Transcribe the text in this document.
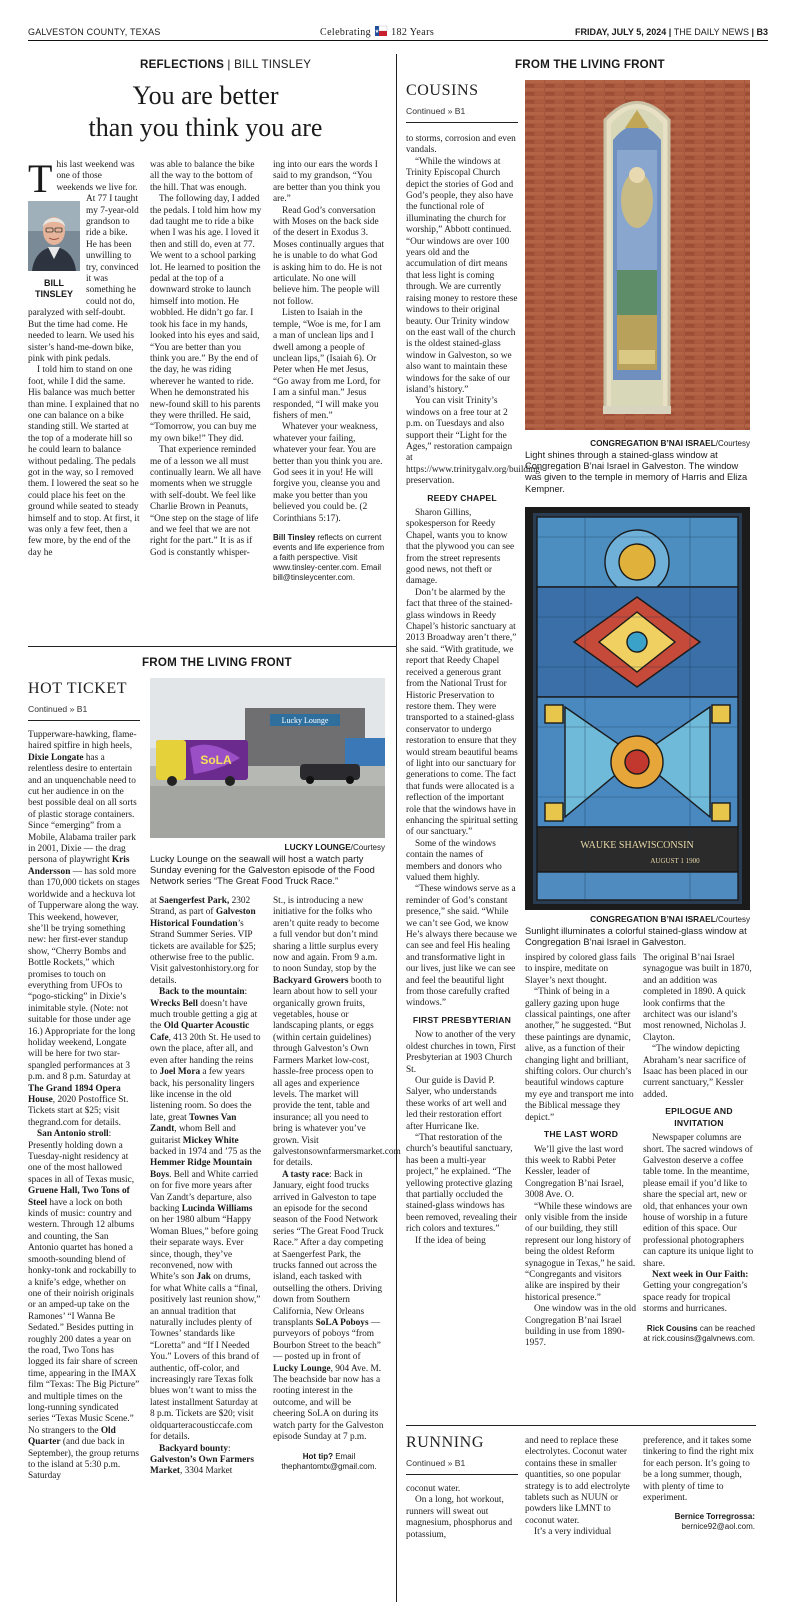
GALVESTON COUNTY, TEXAS	Celebrating 182 Years	FRIDAY, JULY 5, 2024 | THE DAILY NEWS | B3
REFLECTIONS | BILL TINSLEY
You are better
than you think you are
T
BILL
TINSLEY

his last weekend was one of those weekends we live for. At 77 I taught my 7-year-old grandson to ride a bike. He has been unwilling to try, convinced it was something he could not do, paralyzed with self-doubt. But the time had come. He needed to learn. We used his sister’s hand-me-down bike, pink with pink pedals.

I told him to stand on one foot, while I did the same. His balance was much better than mine. I explained that no one can balance on a bike standing still. We started at the top of a moderate hill so he could learn to balance without pedaling. The pedals got in the way, so I removed them. I lowered the seat so he could place his feet on the ground while seated to steady himself and to stop. At first, it was only a few feet, then a few more, by the end of the day he

was able to balance the bike all the way to the bottom of the hill. That was enough.

The following day, I added the pedals. I told him how my dad taught me to ride a bike when I was his age. I loved it then and still do, even at 77. We went to a school parking lot. He learned to position the pedal at the top of a downward stroke to launch himself into motion. He wobbled. He didn’t go far. I took his face in my hands, looked into his eyes and said, “You are better than you think you are.” By the end of the day, he was riding wherever he wanted to ride. When he demonstrated his new-found skill to his parents they were thrilled. He said, “Tomorrow, you can buy me my own bike!” They did.

That experience reminded me of a lesson we all must continually learn. We all have moments when we struggle with self-doubt. We feel like Charlie Brown in Peanuts, “One step on the stage of life and we feel that we are not right for the part.” It is as if God is constantly whisper-

ing into our ears the words I said to my grandson, “You are better than you think you are.”

Read God’s conversation with Moses on the back side of the desert in Exodus 3. Moses continually argues that he is unable to do what God is asking him to do. He is not articulate. No one will believe him. The people will not follow.

Listen to Isaiah in the temple, “Woe is me, for I am a man of unclean lips and I dwell among a people of unclean lips,” (Isaiah 6). Or Peter when He met Jesus, “Go away from me Lord, for I am a sinful man.” Jesus responded, “I will make you fishers of men.”

Whatever your weakness, whatever your failing, whatever your fear. You are better than you think you are. God sees it in you! He will forgive you, cleanse you and make you better than you believed you could be. (2 Corinthians 5:17).

Bill Tinsley reflects on current events and life experience from a faith perspective. Visit www.tinsley-center.com. Email bill@tinsleycenter.com.
COUSINS
Continued » B1

to storms, corrosion and even vandals.

“While the windows at Trinity Episcopal Church depict the stories of God and God’s people, they also have the functional role of illuminating the church for worship,” Abbott continued. “Our windows are over 100 years old and the accumulation of dirt means that less light is coming through. We are currently raising money to restore these windows to their original beauty. Our Trinity window on the east wall of the church is the oldest stained-glass window in Galveston, so we also want to maintain these windows for the sake of our island’s history.”

You can visit Trinity’s windows on a free tour at 2 p.m. on Tuesdays and also support their “Light for the Ages,” restoration campaign at https://www.trinitygalv.org/building-preservation.

REEDY CHAPEL

Sharon Gillins, spokesperson for Reedy Chapel, wants you to know that the plywood you can see from the street represents good news, not theft or damage.

Don’t be alarmed by the fact that three of the stained-glass windows in Reedy Chapel’s historic sanctuary at 2013 Broadway aren’t there,” she said. “With gratitude, we report that Reedy Chapel received a generous grant from the National Trust for Historic Preservation to restore them. They were transported to a stained-glass conservator to undergo restoration to ensure that they would stream beautiful beams of light into our sanctuary for generations to come. The fact that funds were allocated is a reflection of the important role that the windows have in enhancing the spiritual setting of our sanctuary.”

Some of the windows contain the names of members and donors who valued them highly.

“These windows serve as a reminder of God’s constant presence,” she said. “While we can’t see God, we know He’s always there because we can see and feel His healing and transformative light in our lives, just like we can see and feel the beautiful light from those carefully crafted windows.”

FIRST PRESBYTERIAN

Now to another of the very oldest churches in town, First Presbyterian at 1903 Church St.

Our guide is David P. Salyer, who understands these works of art well and led their restoration effort after Hurricane Ike.

“That restoration of the church’s beautiful sanctuary, has been a multi-year project,” he explained. “The yellowing protective glazing that partially occluded the stained-glass windows has been removed, revealing their rich colors and textures.”

If the idea of being

FROM THE LIVING FRONT
CONGREGATION B’NAI ISRAEL/Courtesy
Light shines through a stained-glass window at Congregation B’nai Israel in Galveston. The window was given to the temple in memory of Harris and Eliza Kempner.
WAUKE SHAWISCONSIN
AUGUST 1 1900
CONGREGATION B’NAI ISRAEL/Courtesy
Sunlight illuminates a colorful stained-glass window at Congregation B’nai Israel in Galveston.

inspired by colored glass fails to inspire, meditate on Slayer’s next thought.

“Think of being in a gallery gazing upon huge classical paintings, one after another,” he suggested. “But these paintings are dynamic, alive, as a function of their changing light and brilliant, shifting colors. Our church’s beautiful windows capture my eye and transport me into the Biblical message they depict.”

THE LAST WORD

We’ll give the last word this week to Rabbi Peter Kessler, leader of Congregation B’nai Israel, 3008 Ave. O.

“While these windows are only visible from the inside of our building, they still represent our long history of being the oldest Reform synagogue in Texas,” he said. “Congregants and visitors alike are inspired by their historical presence.”

One window was in the old Congregation B’nai Israel building in use from 1890-1957.

The original B’nai Israel synagogue was built in 1870, and an addition was completed in 1890. A quick look confirms that the architect was our island’s most renowned, Nicholas J. Clayton.

“The window depicting Abraham’s near sacrifice of Isaac has been placed in our current sanctuary,” Kessler added.

EPILOGUE AND INVITATION

Newspaper columns are short. The sacred windows of Galveston deserve a coffee table tome. In the meantime, please email if you’d like to share the special art, new or old, that enhances your own house of worship in a future edition of this space. Our professional photographers can capture its unique light to share.

Next week in Our Faith: Getting your congregation’s space ready for tropical storms and hurricanes.

Rick Cousins can be reached at rick.cousins@galvnews.com.
FROM THE LIVING FRONT
HOT TICKET
Continued » B1
Lucky Lounge
SoLA
LUCKY LOUNGE/Courtesy
Lucky Lounge on the seawall will host a watch party Sunday evening for the Galveston episode of the Food Network series “The Great Food Truck Race.”

Tupperware-hawking, flame-haired spitfire in high heels, Dixie Longate has a relentless desire to entertain and an unquenchable need to cut her audience in on the best possible deal on all sorts of plastic storage containers. Since “emerging” from a Mobile, Alabama trailer park in 2001, Dixie — the drag persona of playwright Kris Andersson — has sold more than 170,000 tickets on stages worldwide and a heckuva lot of Tupperware along the way. This weekend, however, she’ll be trying something new: her first-ever standup show, “Cherry Bombs and Bottle Rockets,” which promises to touch on everything from UFOs to “pogo-sticking” in Dixie’s inimitable style. (Note: not suitable for those under age 16.) Appropriate for the long holiday weekend, Longate will be here for two star-spangled performances at 3 p.m. and 8 p.m. Saturday at The Grand 1894 Opera House, 2020 Postoffice St. Tickets start at $25; visit thegrand.com for details.

San Antonio stroll: Presently holding down a Tuesday-night residency at one of the most hallowed spaces in all of Texas music, Gruene Hall, Two Tons of Steel have a lock on both kinds of music: country and western. Through 12 albums and counting, the San Antonio quartet has honed a smooth-sounding blend of honky-tonk and rockabilly to a knife’s edge, whether on one of their noirish originals or an amped-up take on the Ramones’ “I Wanna Be Sedated.” Besides putting in roughly 200 dates a year on the road, Two Tons has logged its fair share of screen time, appearing in the IMAX film “Texas: The Big Picture” and multiple times on the long-running syndicated series “Texas Music Scene.” No strangers to the Old Quarter (and due back in September), the group returns to the island at 5:30 p.m. Saturday

at Saengerfest Park, 2302 Strand, as part of Galveston Historical Foundation’s Strand Summer Series. VIP tickets are available for $25; otherwise free to the public. Visit galvestonhistory.org for details.

Back to the mountain: Wrecks Bell doesn’t have much trouble getting a gig at the Old Quarter Acoustic Cafe, 413 20th St. He used to own the place, after all, and even after handing the reins to Joel Mora a few years back, his personality lingers like incense in the old listening room. So does the late, great Townes Van Zandt, whom Bell and guitarist Mickey White backed in 1974 and ’75 as the Hemmer Ridge Mountain Boys. Bell and White carried on for five more years after Van Zandt’s departure, also backing Lucinda Williams on her 1980 album “Happy Woman Blues,” before going their separate ways. Ever since, though, they’ve reconvened, now with White’s son Jak on drums, for what White calls a “final, positively last reunion show,” an annual tradition that naturally includes plenty of Townes’ standards like “Loretta” and “If I Needed You.” Lovers of this brand of authentic, off-color, and increasingly rare Texas folk blues won’t want to miss the latest installment Saturday at 8 p.m. Tickets are $20; visit oldquarteracousticcafe.com for details.

Backyard bounty: Galveston’s Own Farmers Market, 3304 Market

St., is introducing a new initiative for the folks who aren’t quite ready to become a full vendor but don’t mind sharing a little surplus every now and again. From 9 a.m. to noon Sunday, stop by the Backyard Growers booth to learn about how to sell your organically grown fruits, vegetables, house or landscaping plants, or eggs (within certain guidelines) through Galveston’s Own Farmers Market low-cost, hassle-free process open to all ages and experience levels. The market will provide the tent, table and insurance; all you need to bring is whatever you’ve grown. Visit galvestonsownfarmersmarket.com for details.

A tasty race: Back in January, eight food trucks arrived in Galveston to tape an episode for the second season of the Food Network series “The Great Food Truck Race.” After a day competing at Saengerfest Park, the trucks fanned out across the island, each tasked with outselling the others. Driving down from Southern California, New Orleans transplants SoLA Poboys — purveyors of poboys “from Bourbon Street to the beach” — posted up in front of Lucky Lounge, 904 Ave. M. The beachside bar now has a rooting interest in the outcome, and will be cheering SoLA on during its watch party for the Galveston episode Sunday at 7 p.m.

Hot tip? Email thephantomtx@gmail.com.
RUNNING
Continued » B1

coconut water.

On a long, hot workout, runners will sweat out magnesium, phosphorus and potassium,

and need to replace these electrolytes. Coconut water contains these in smaller quantities, so one popular strategy is to add electrolyte tablets such as NUUN or powders like LMNT to coconut water.

It’s a very individual

preference, and it takes some tinkering to find the right mix for each person. It’s going to be a long summer, though, with plenty of time to experiment.

Bernice Torregrossa: bernice92@aol.com.
